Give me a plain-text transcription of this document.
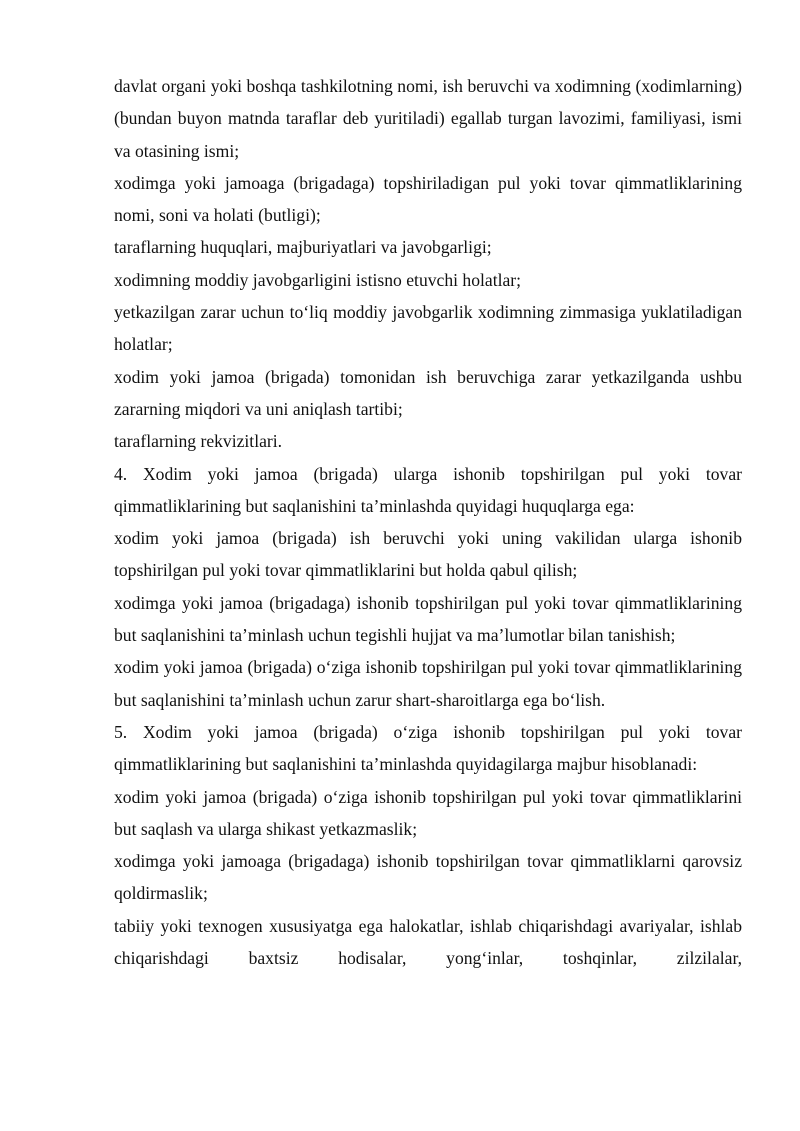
davlat organi yoki boshqa tashkilotning nomi, ish beruvchi va xodimning (xodimlarning) (bundan buyon matnda taraflar deb yuritiladi) egallab turgan lavozimi, familiyasi, ismi va otasining ismi;

xodimga yoki jamoaga (brigadaga) topshiriladigan pul yoki tovar qimmatliklarining nomi, soni va holati (butligi);

taraflarning huquqlari, majburiyatlari va javobgarligi;

xodimning moddiy javobgarligini istisno etuvchi holatlar;

yetkazilgan zarar uchun to‘liq moddiy javobgarlik xodimning zimmasiga yuklatiladigan holatlar;

xodim yoki jamoa (brigada) tomonidan ish beruvchiga zarar yetkazilganda ushbu zararning miqdori va uni aniqlash tartibi;

taraflarning rekvizitlari.

4. Xodim yoki jamoa (brigada) ularga ishonib topshirilgan pul yoki tovar qimmatliklarining but saqlanishini ta’minlashda quyidagi huquqlarga ega:

xodim yoki jamoa (brigada) ish beruvchi yoki uning vakilidan ularga ishonib topshirilgan pul yoki tovar qimmatliklarini but holda qabul qilish;

xodimga yoki jamoa (brigadaga) ishonib topshirilgan pul yoki tovar qimmatliklarining but saqlanishini ta’minlash uchun tegishli hujjat va ma’lumotlar bilan tanishish;

xodim yoki jamoa (brigada) o‘ziga ishonib topshirilgan pul yoki tovar qimmatliklarining but saqlanishini ta’minlash uchun zarur shart-sharoitlarga ega bo‘lish.

5. Xodim yoki jamoa (brigada) o‘ziga ishonib topshirilgan pul yoki tovar qimmatliklarining but saqlanishini ta’minlashda quyidagilarga majbur hisoblanadi:

xodim yoki jamoa (brigada) o‘ziga ishonib topshirilgan pul yoki tovar qimmatliklarini but saqlash va ularga shikast yetkazmaslik;

xodimga yoki jamoaga (brigadaga) ishonib topshirilgan tovar qimmatliklarni qarovsiz qoldirmaslik;

tabiiy yoki texnogen xususiyatga ega halokatlar, ishlab chiqarishdagi avariyalar, ishlab chiqarishdagi baxtsiz hodisalar, yong‘inlar, toshqinlar, zilzilalar,
